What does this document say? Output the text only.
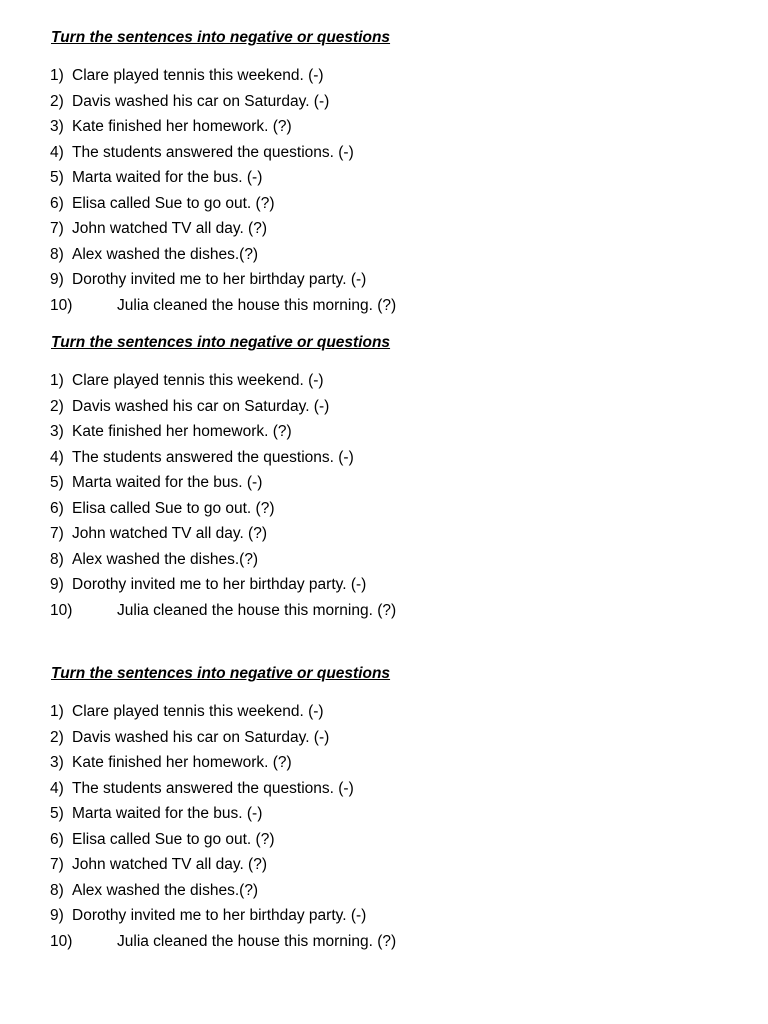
Turn the sentences into negative or questions
1) Clare played tennis this weekend. (-)
2) Davis washed his car on Saturday. (-)
3) Kate finished her homework. (?)
4) The students answered the questions. (-)
5) Marta waited for the bus. (-)
6) Elisa called Sue to go out. (?)
7) John watched TV all day. (?)
8) Alex washed the dishes.(?)
9) Dorothy invited me to her birthday party. (-)
10)	Julia cleaned the house this morning. (?)
Turn the sentences into negative or questions
1) Clare played tennis this weekend. (-)
2) Davis washed his car on Saturday. (-)
3) Kate finished her homework. (?)
4) The students answered the questions. (-)
5) Marta waited for the bus. (-)
6) Elisa called Sue to go out. (?)
7) John watched TV all day. (?)
8) Alex washed the dishes.(?)
9) Dorothy invited me to her birthday party. (-)
10)	Julia cleaned the house this morning. (?)
Turn the sentences into negative or questions
1) Clare played tennis this weekend. (-)
2) Davis washed his car on Saturday. (-)
3) Kate finished her homework. (?)
4) The students answered the questions. (-)
5) Marta waited for the bus. (-)
6) Elisa called Sue to go out. (?)
7) John watched TV all day. (?)
8) Alex washed the dishes.(?)
9) Dorothy invited me to her birthday party. (-)
10)	Julia cleaned the house this morning. (?)
